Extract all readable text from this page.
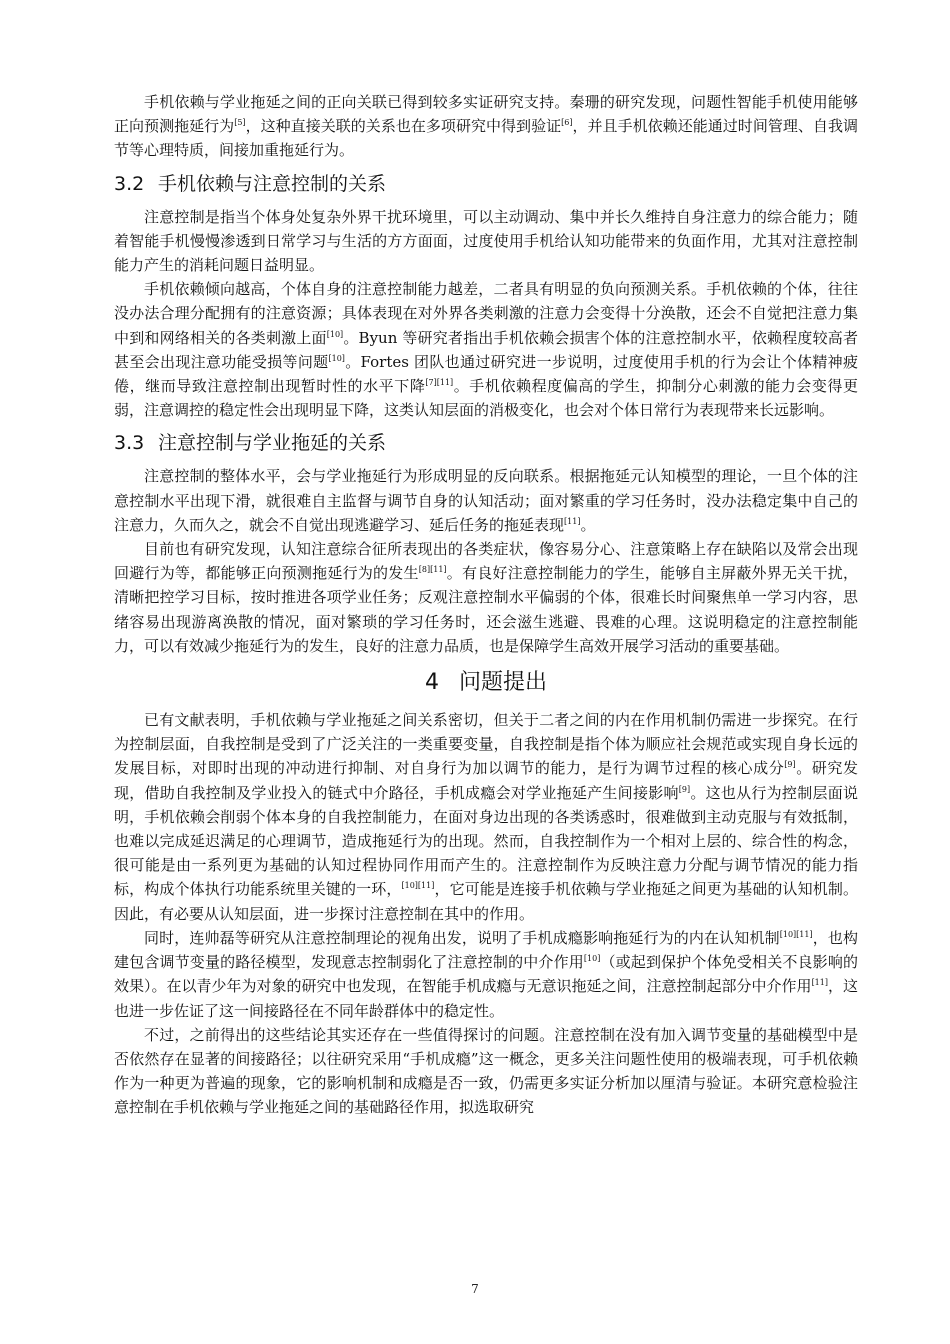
手机依赖与学业拖延之间的正向关联已得到较多实证研究支持。秦珊的研究发现，问题性智能手机使用能够正向预测拖延行为[5]，这种直接关联的关系也在多项研究中得到验证[6]，并且手机依赖还能通过时间管理、自我调节等心理特质，间接加重拖延行为。

3.2 手机依赖与注意控制的关系

注意控制是指当个体身处复杂外界干扰环境里，可以主动调动、集中并长久维持自身注意力的综合能力；随着智能手机慢慢渗透到日常学习与生活的方方面面，过度使用手机给认知功能带来的负面作用，尤其对注意控制能力产生的消耗问题日益明显。

手机依赖倾向越高，个体自身的注意控制能力越差，二者具有明显的负向预测关系。手机依赖的个体，往往没办法合理分配拥有的注意资源；具体表现在对外界各类刺激的注意力会变得十分涣散，还会不自觉把注意力集中到和网络相关的各类刺激上面[10]。Byun 等研究者指出手机依赖会损害个体的注意控制水平，依赖程度较高者甚至会出现注意功能受损等问题[10]。Fortes 团队也通过研究进一步说明，过度使用手机的行为会让个体精神疲倦，继而导致注意控制出现暂时性的水平下降[7][11]。手机依赖程度偏高的学生，抑制分心刺激的能力会变得更弱，注意调控的稳定性会出现明显下降，这类认知层面的消极变化，也会对个体日常行为表现带来长远影响。

3.3 注意控制与学业拖延的关系

注意控制的整体水平，会与学业拖延行为形成明显的反向联系。根据拖延元认知模型的理论，一旦个体的注意控制水平出现下滑，就很难自主监督与调节自身的认知活动；面对繁重的学习任务时，没办法稳定集中自己的注意力，久而久之，就会不自觉出现逃避学习、延后任务的拖延表现[11]。

目前也有研究发现，认知注意综合征所表现出的各类症状，像容易分心、注意策略上存在缺陷以及常会出现回避行为等，都能够正向预测拖延行为的发生[8][11]。有良好注意控制能力的学生，能够自主屏蔽外界无关干扰，清晰把控学习目标，按时推进各项学业任务；反观注意控制水平偏弱的个体，很难长时间聚焦单一学习内容，思绪容易出现游离涣散的情况，面对繁琐的学习任务时，还会滋生逃避、畏难的心理。这说明稳定的注意控制能力，可以有效减少拖延行为的发生，良好的注意力品质，也是保障学生高效开展学习活动的重要基础。

4 问题提出

已有文献表明，手机依赖与学业拖延之间关系密切，但关于二者之间的内在作用机制仍需进一步探究。在行为控制层面，自我控制是受到了广泛关注的一类重要变量，自我控制是指个体为顺应社会规范或实现自身长远的发展目标，对即时出现的冲动进行抑制、对自身行为加以调节的能力，是行为调节过程的核心成分[9]。研究发现，借助自我控制及学业投入的链式中介路径，手机成瘾会对学业拖延产生间接影响[9]。这也从行为控制层面说明，手机依赖会削弱个体本身的自我控制能力，在面对身边出现的各类诱惑时，很难做到主动克服与有效抵制，也难以完成延迟满足的心理调节，造成拖延行为的出现。然而，自我控制作为一个相对上层的、综合性的构念，很可能是由一系列更为基础的认知过程协同作用而产生的。注意控制作为反映注意力分配与调节情况的能力指标，构成个体执行功能系统里关键的一环，[10][11]，它可能是连接手机依赖与学业拖延之间更为基础的认知机制。因此，有必要从认知层面，进一步探讨注意控制在其中的作用。

同时，连帅磊等研究从注意控制理论的视角出发，说明了手机成瘾影响拖延行为的内在认知机制[10][11]，也构建包含调节变量的路径模型，发现意志控制弱化了注意控制的中介作用[10]（或起到保护个体免受相关不良影响的效果）。在以青少年为对象的研究中也发现，在智能手机成瘾与无意识拖延之间，注意控制起部分中介作用[11]，这也进一步佐证了这一间接路径在不同年龄群体中的稳定性。

不过，之前得出的这些结论其实还存在一些值得探讨的问题。注意控制在没有加入调节变量的基础模型中是否依然存在显著的间接路径；以往研究采用“手机成瘾”这一概念，更多关注问题性使用的极端表现，可手机依赖作为一种更为普遍的现象，它的影响机制和成瘾是否一致，仍需更多实证分析加以厘清与验证。本研究意检验注意控制在手机依赖与学业拖延之间的基础路径作用，拟选取研究

7
